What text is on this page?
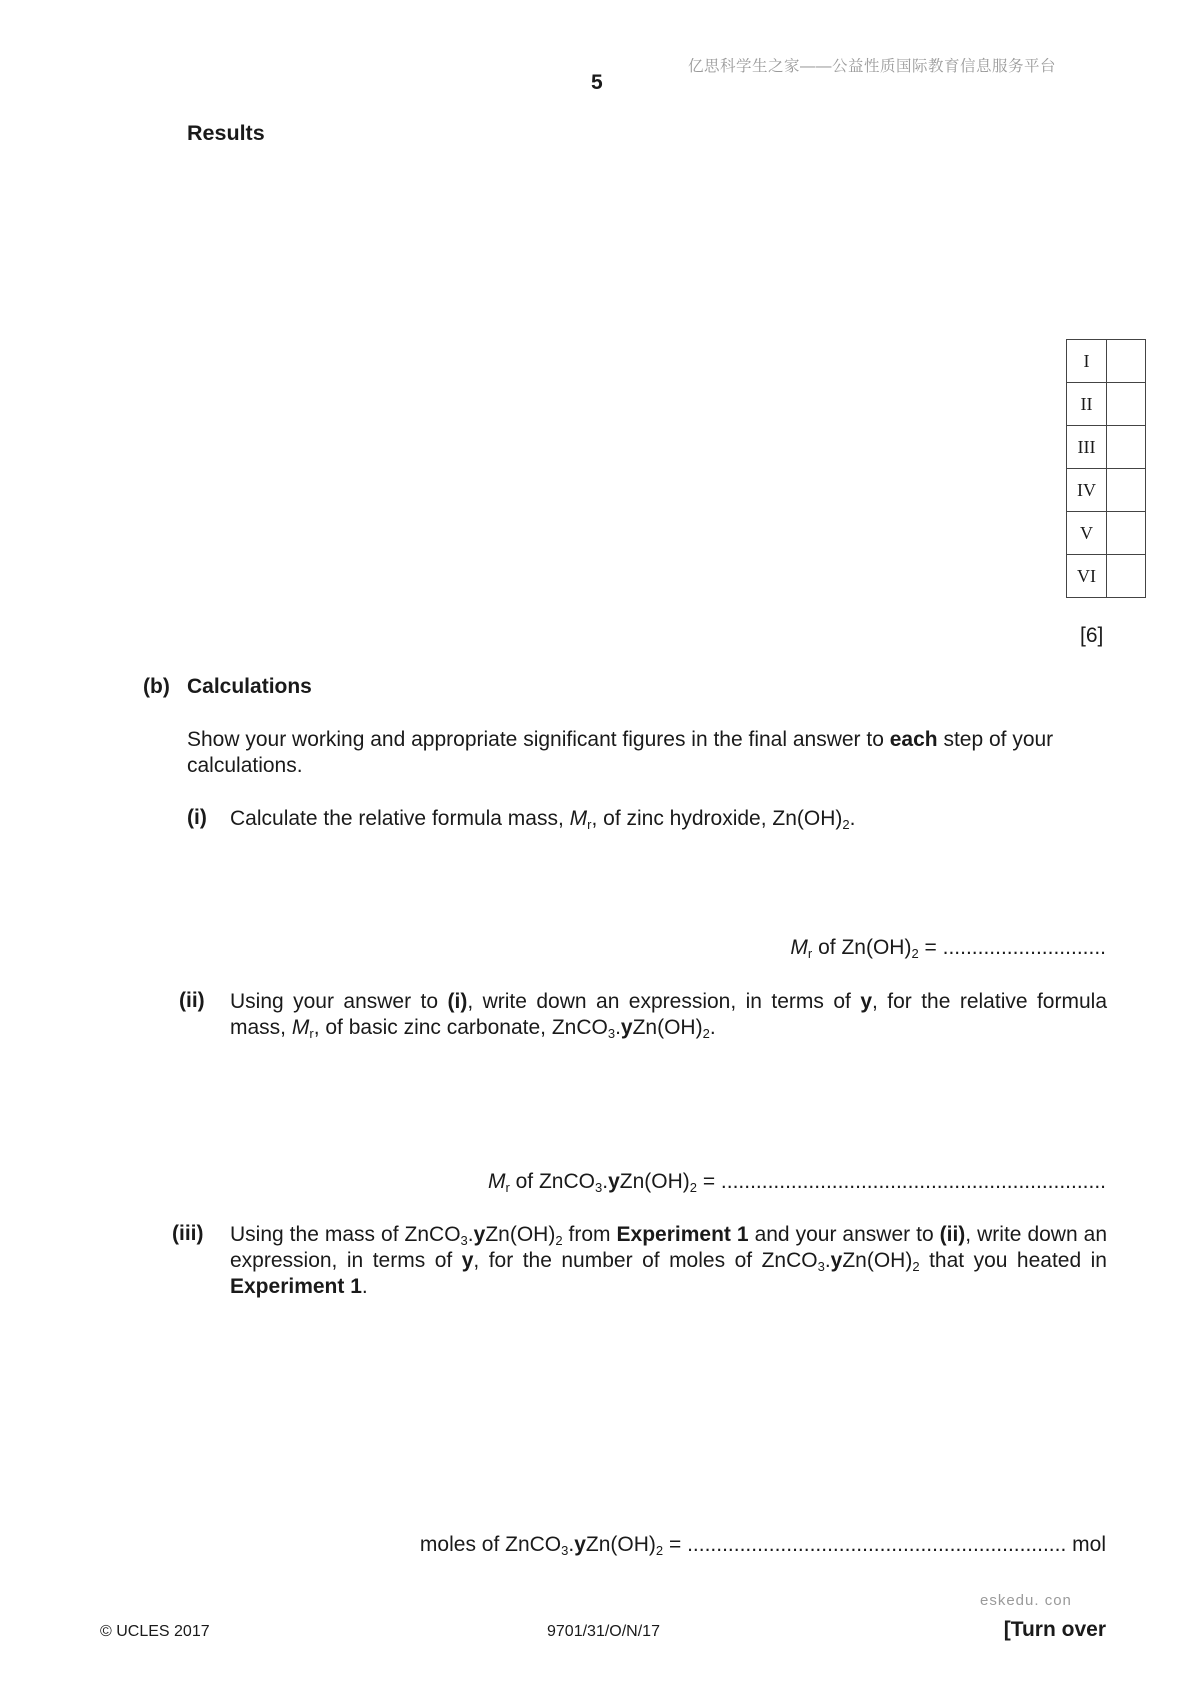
亿思科学生之家——公益性质国际教育信息服务平台
5
Results
I	
II	
III	
IV	
V	
VI	
[6]
(b) Calculations
Show your working and appropriate significant figures in the final answer to each step of your calculations.
(i) Calculate the relative formula mass, $M_r$, of zinc hydroxide, $Zn(OH)_2$.
$M_r$ of $Zn(OH)_2$ = ............................
(ii) Using your answer to (i), write down an expression, in terms of y, for the relative formula mass, $M_r$, of basic zinc carbonate, $ZnCO_3.yZn(OH)_2$.
$M_r$ of $ZnCO_3.yZn(OH)_2$ = ..................................................................
(iii) Using the mass of $ZnCO_3.yZn(OH)_2$ from Experiment 1 and your answer to (ii), write down an expression, in terms of y, for the number of moles of $ZnCO_3.yZn(OH)_2$ that you heated in Experiment 1.
moles of $ZnCO_3.yZn(OH)_2$ = ................................................................. mol
eskedu. con
© UCLES 2017	9701/31/O/N/17	[Turn over
